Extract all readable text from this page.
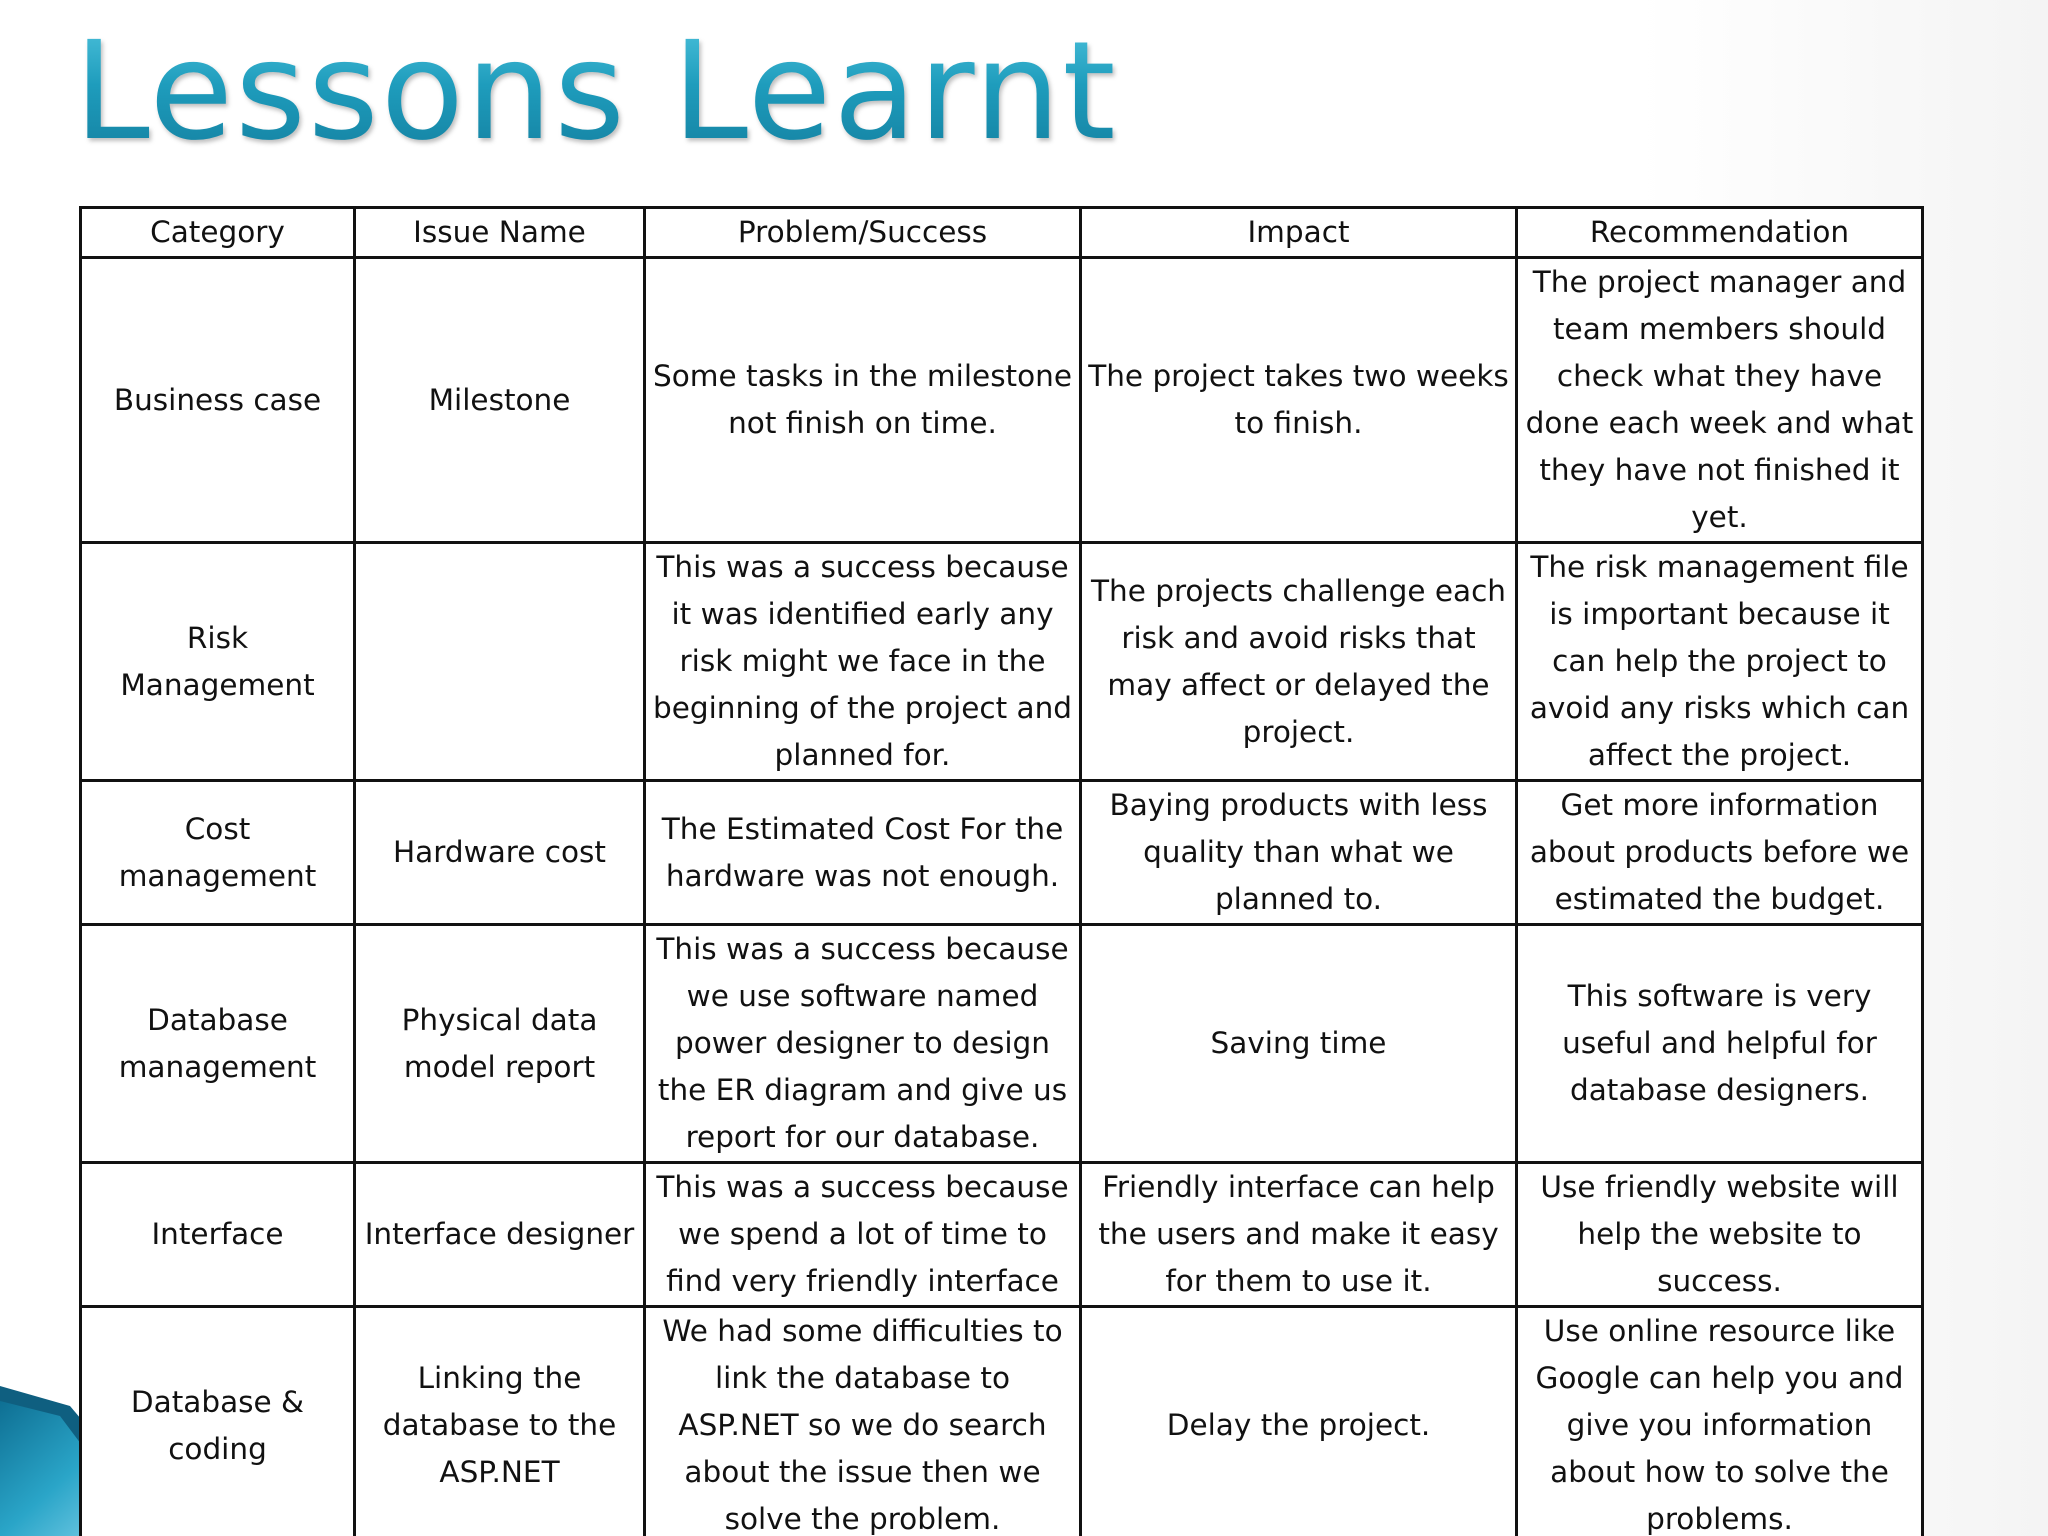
Lessons Learnt
Category	Issue Name	Problem/Success	Impact	Recommendation
Business case	Milestone	Some tasks in the milestone not finish on time.	The project takes two weeks to finish.	The project manager and team members should check what they have done each week and what they have not finished it yet.
Risk Management		This was a success because it was identified early any risk might we face in the beginning of the project and planned for.	The projects challenge each risk and avoid risks that may affect or delayed the project.	The risk management file is important because it can help the project to avoid any risks which can affect the project.
Cost management	Hardware cost	The Estimated Cost For the hardware was not enough.	Baying products with less quality than what we planned to.	Get more information about products before we estimated the budget.
Database management	Physical data model report	This was a success because we use software named power designer to design the ER diagram and give us report for our database.	Saving time	This software is very useful and helpful for database designers.
Interface	Interface designer	This was a success because we spend a lot of time to find very friendly interface	Friendly interface can help the users and make it easy for them to use it.	Use friendly website will help the website to success.
Database & coding	Linking the database to the ASP.NET	We had some difficulties to link the database to ASP.NET so we do search about the issue then we solve the problem.	Delay the project.	Use online resource like Google can help you and give you information about how to solve the problems.
